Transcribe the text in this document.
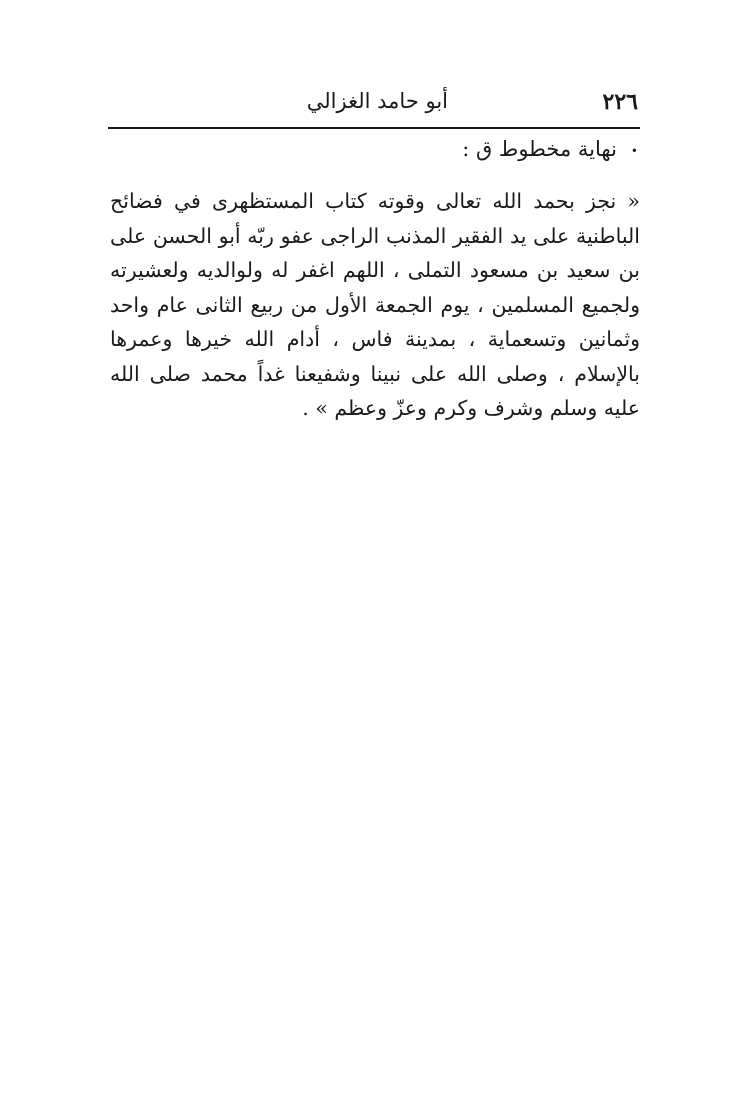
٢٢٦
أبو حامد الغزالي
•نهاية مخطوط ق :

« نجز بحمد الله تعالى وقوته كتاب المستظهرى في فضائح الباطنية على يد الفقير المذنب الراجى عفو ربّه أبو الحسن على بن سعيد بن مسعود التملى ، اللهم اغفر له ولوالديه ولعشيرته ولجميع المسلمين ، يوم الجمعة الأول من ربيع الثانى عام واحد وثمانين وتسعماية ، بمدينة فاس ، أدام الله خيرها وعمرها بالإسلام ، وصلى الله على نبينا وشفيعنا غداً محمد صلى الله عليه وسلم وشرف وكرم وعزّ وعظم » .
